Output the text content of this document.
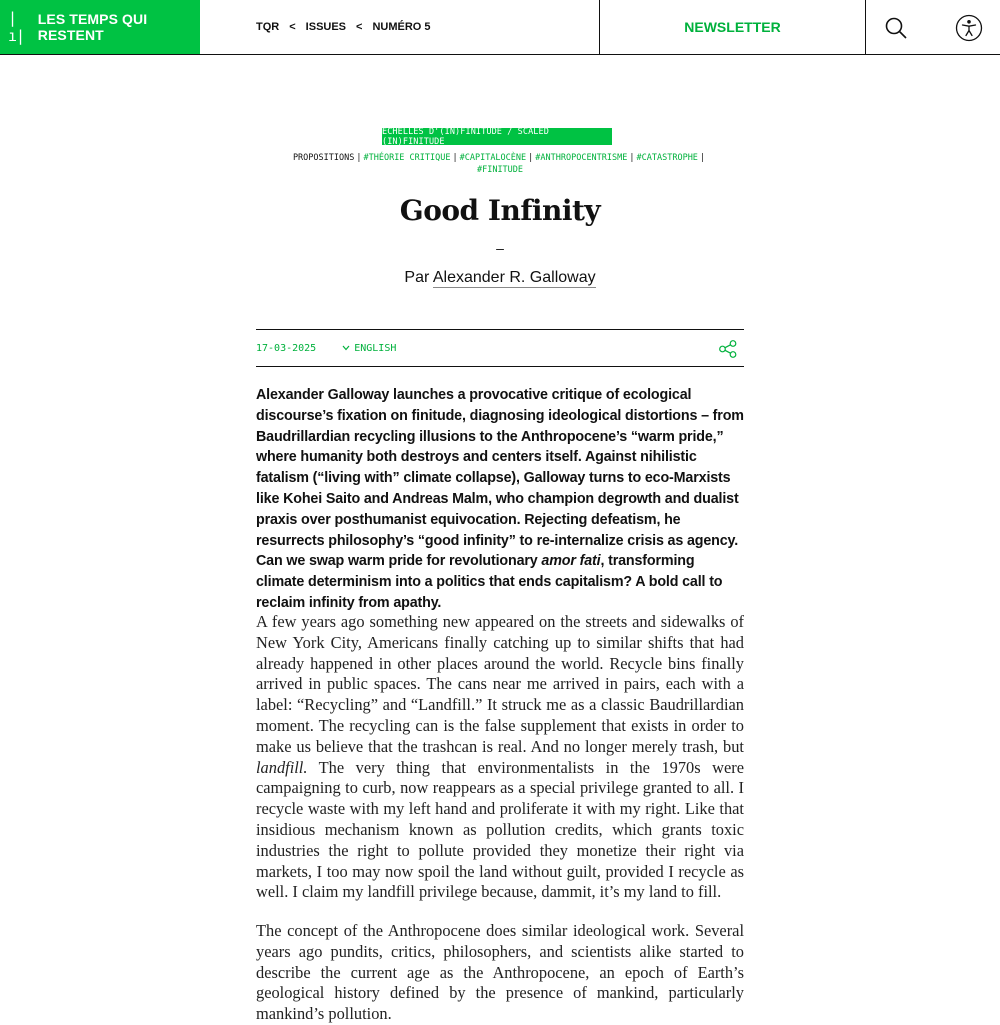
|ı|
LES TEMPS QUI RESTENT	TQR < ISSUES < NUMÉRO 5	NEWSLETTER
ÉCHELLES D'(IN)FINITUDE / SCALED (IN)FINITUDE
PROPOSITIONS | #THÉORIE CRITIQUE | #CAPITALOCÈNE | #ANTHROPOCENTRISME | #CATASTROPHE |
#FINITUDE
Good Infinity
–
Par Alexander R. Galloway
17-03-2025	ENGLISH

Alexander Galloway launches a provocative critique of ecological discourse’s fixation on finitude, diagnosing ideological distortions – from Baudrillardian recycling illusions to the Anthropocene’s “warm pride,” where humanity both destroys and centers itself. Against nihilistic fatalism (“living with” climate collapse), Galloway turns to eco-Marxists like Kohei Saito and Andreas Malm, who champion degrowth and dualist praxis over posthumanist equivocation. Rejecting defeatism, he resurrects philosophy’s “good infinity” to re-internalize crisis as agency. Can we swap warm pride for revolutionary amor fati, transforming climate determinism into a politics that ends capitalism? A bold call to reclaim infinity from apathy.

A few years ago something new appeared on the streets and sidewalks of New York City, Americans finally catching up to similar shifts that had already happened in other places around the world. Recycle bins finally arrived in public spaces. The cans near me arrived in pairs, each with a label: “Recycling” and “Landfill.” It struck me as a classic Baudrillardian moment. The recycling can is the false supplement that exists in order to make us believe that the trashcan is real. And no longer merely trash, but landfill. The very thing that environmentalists in the 1970s were campaigning to curb, now reappears as a special privilege granted to all. I recycle waste with my left hand and proliferate it with my right. Like that insidious mechanism known as pollution credits, which grants toxic industries the right to pollute provided they monetize their right via markets, I too may now spoil the land without guilt, provided I recycle as well. I claim my landfill privilege because, dammit, it’s my land to fill.

The concept of the Anthropocene does similar ideological work. Several years ago pundits, critics, philosophers, and scientists alike started to describe the current age as the Anthropocene, an epoch of Earth’s geological history defined by the presence of mankind, particularly mankind’s pollution.
